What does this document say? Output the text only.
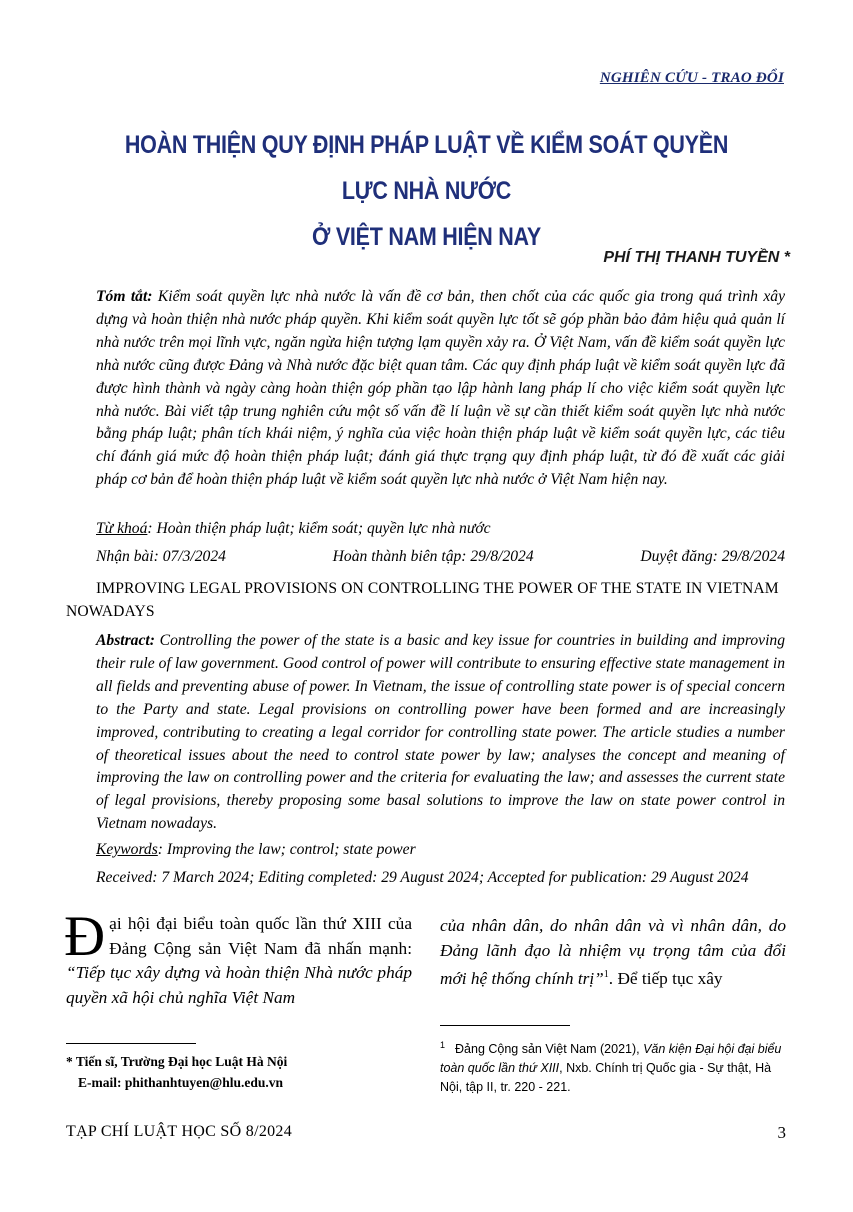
NGHIÊN CỨU - TRAO ĐỔI
HOÀN THIỆN QUY ĐỊNH PHÁP LUẬT VỀ KIỂM SOÁT QUYỀN LỰC NHÀ NƯỚC
Ở VIỆT NAM HIỆN NAY
PHÍ THỊ THANH TUYỀN *
Tóm tắt: Kiểm soát quyền lực nhà nước là vấn đề cơ bản, then chốt của các quốc gia trong quá trình xây dựng và hoàn thiện nhà nước pháp quyền. Khi kiểm soát quyền lực tốt sẽ góp phần bảo đảm hiệu quả quản lí nhà nước trên mọi lĩnh vực, ngăn ngừa hiện tượng lạm quyền xảy ra. Ở Việt Nam, vấn đề kiểm soát quyền lực nhà nước cũng được Đảng và Nhà nước đặc biệt quan tâm. Các quy định pháp luật về kiểm soát quyền lực đã được hình thành và ngày càng hoàn thiện góp phần tạo lập hành lang pháp lí cho việc kiểm soát quyền lực nhà nước. Bài viết tập trung nghiên cứu một số vấn đề lí luận về sự cần thiết kiểm soát quyền lực nhà nước bằng pháp luật; phân tích khái niệm, ý nghĩa của việc hoàn thiện pháp luật về kiểm soát quyền lực, các tiêu chí đánh giá mức độ hoàn thiện pháp luật; đánh giá thực trạng quy định pháp luật, từ đó đề xuất các giải pháp cơ bản để hoàn thiện pháp luật về kiểm soát quyền lực nhà nước ở Việt Nam hiện nay.
Từ khoá: Hoàn thiện pháp luật; kiểm soát; quyền lực nhà nước
Nhận bài: 07/3/2024	Hoàn thành biên tập: 29/8/2024	Duyệt đăng: 29/8/2024
IMPROVING LEGAL PROVISIONS ON CONTROLLING THE POWER OF THE STATE IN VIETNAM NOWADAYS
Abstract: Controlling the power of the state is a basic and key issue for countries in building and improving their rule of law government. Good control of power will contribute to ensuring effective state management in all fields and preventing abuse of power. In Vietnam, the issue of controlling state power is of special concern to the Party and state. Legal provisions on controlling power have been formed and are increasingly improved, contributing to creating a legal corridor for controlling state power. The article studies a number of theoretical issues about the need to control state power by law; analyses the concept and meaning of improving the law on controlling power and the criteria for evaluating the law; and assesses the current state of legal provisions, thereby proposing some basal solutions to improve the law on state power control in Vietnam nowadays.
Keywords: Improving the law; control; state power
Received: 7 March 2024; Editing completed: 29 August 2024; Accepted for publication: 29 August 2024
Đại hội đại biểu toàn quốc lần thứ XIII của Đảng Cộng sản Việt Nam đã nhấn mạnh: “Tiếp tục xây dựng và hoàn thiện Nhà nước pháp quyền xã hội chủ nghĩa Việt Nam
của nhân dân, do nhân dân và vì nhân dân, do Đảng lãnh đạo là nhiệm vụ trọng tâm của đổi mới hệ thống chính trị”$^1$. Để tiếp tục xây
* Tiến sĩ, Trường Đại học Luật Hà Nội
E-mail: phithanhtuyen@hlu.edu.vn
$^1$ Đảng Cộng sản Việt Nam (2021), Văn kiện Đại hội đại biểu toàn quốc lần thứ XIII, Nxb. Chính trị Quốc gia - Sự thật, Hà Nội, tập II, tr. 220 - 221.
TẠP CHÍ LUẬT HỌC SỐ 8/2024	3
